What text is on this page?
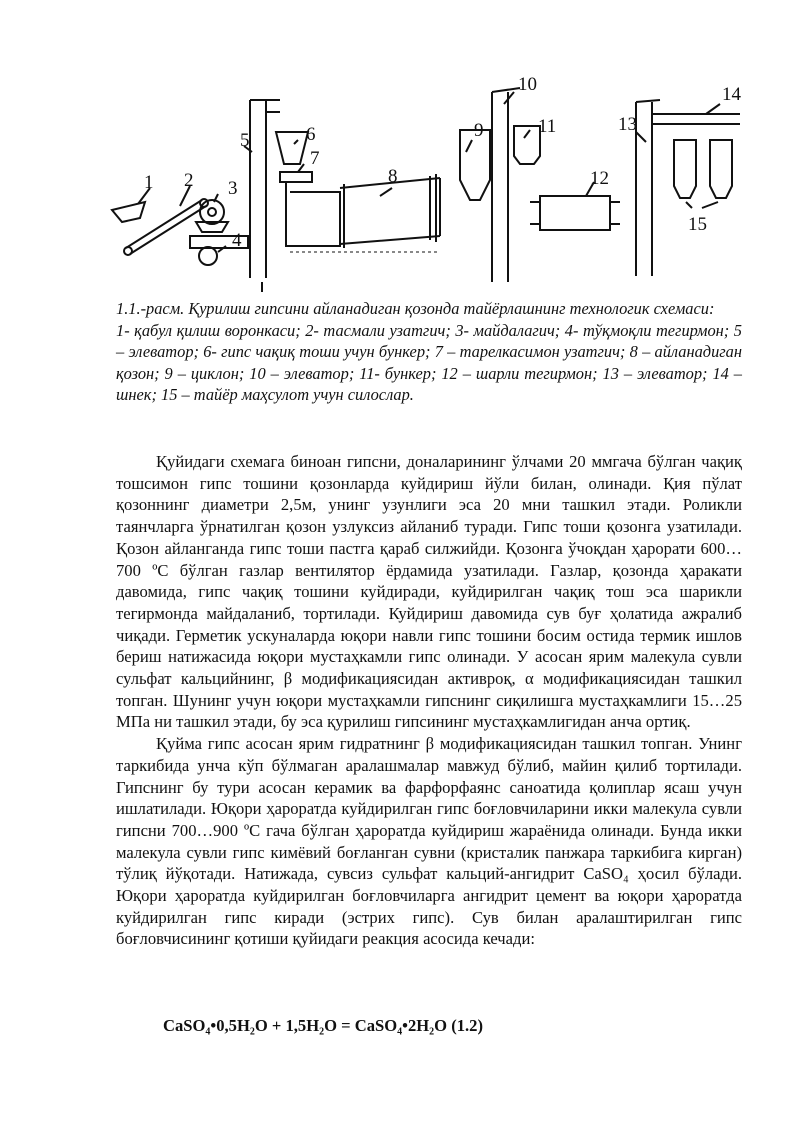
1 2 3
4
5	6
7
8
9
10
11
12
13
14
15

1.1.-расм. Қурилиш гипсини айланадиган қозонда тайёрлашнинг технологик схемаси:

1- қабул қилиш воронкаси; 2- тасмали узатгич; 3- майдалагич; 4- тўқмоқли тегирмон; 5 – элеватор; 6- гипс чақиқ тоши учун бункер; 7 – тарелкасимон узатгич; 8 – айланадиган қозон; 9 – циклон; 10 – элеватор; 11- бункер; 12 – шарли тегирмон; 13 – элеватор; 14 –шнек; 15 – тайёр маҳсулот учун силослар.

Қуйидаги схемага биноан гипсни, доналарининг ўлчами 20 ммгача бўлган чақиқ тошсимон гипс тошини қозонларда куйдириш йўли билан, олинади. Қия пўлат қозоннинг диаметри 2,5м, унинг узунлиги эса 20 мни ташкил этади. Роликли таянчларга ўрнатилган қозон узлуксиз айланиб туради. Гипс тоши қозонга узатилади. Қозон айланганда гипс тоши пастга қараб силжийди. Қозонга ўчоқдан ҳарорати 600…700 ºС бўлган газлар вентилятор ёрдамида узатилади. Газлар, қозонда ҳаракати давомида, гипс чақиқ тошини куйдиради, куйдирилган чақиқ тош эса шарикли тегирмонда майдаланиб, тортилади. Куйдириш давомида сув буғ ҳолатида ажралиб чиқади. Герметик ускуналарда юқори навли гипс тошини босим остида термик ишлов бериш натижасида юқори мустаҳкамли гипс олинади. У асосан ярим малекула сувли сульфат кальцийнинг, β модификациясидан активроқ, α модификациясидан ташкил топган. Шунинг учун юқори мустаҳкамли гипснинг сиқилишга мустаҳкамлиги 15…25 МПа ни ташкил этади, бу эса қурилиш гипсининг мустаҳкамлигидан анча ортиқ.

Қуйма гипс асосан ярим гидратнинг β модификациясидан ташкил топган. Унинг таркибида унча кўп бўлмаган аралашмалар мавжуд бўлиб, майин қилиб тортилади. Гипснинг бу тури асосан керамик ва фарфорфаянс саноатида қолиплар ясаш учун ишлатилади. Юқори ҳароратда куйдирилган гипс боғловчиларини икки малекула сувли гипсни 700…900 ºС гача бўлган ҳароратда куйдириш жараёнида олинади. Бунда икки малекула сувли гипс кимёвий боғланган сувни (кристалик панжара таркибига кирган) тўлиқ йўқотади. Натижада, сувсиз сульфат кальций-ангидрит CaSO₄ ҳосил бўлади. Юқори ҳароратда куйдирилган боғловчиларга ангидрит цемент ва юқори ҳароратда куйдирилган гипс киради (эстрих гипс). Сув билан аралаштирилган гипс боғловчисининг қотиши қуйидаги реакция асосида кечади:

CaSO₄•0,5H₂O + 1,5H₂O = CaSO₄•2H₂O (1.2)
